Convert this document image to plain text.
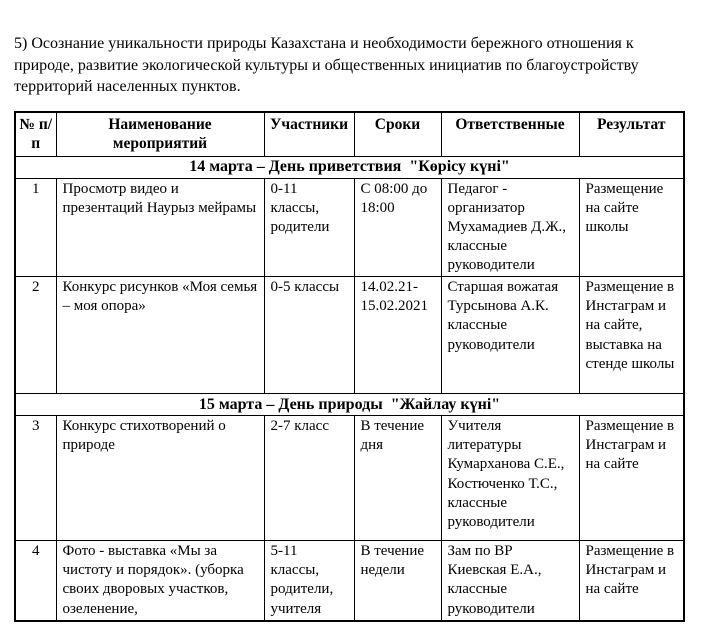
5) Осознание уникальности природы Казахстана и необходимости бережного отношения к природе, развитие экологической культуры и общественных инициатив по благоустройству территорий населенных пунктов.

№ п/п	Наименование мероприятий	Участники	Сроки	Ответственные	Результат
14 марта – День приветствия  "Көрісу күні"					
1	Просмотр видео и презентаций Наурыз мейрамы	0-11 классы, родители	С 08:00 до 18:00	Педагог - организатор Мухамадиев Д.Ж., классные руководители	Размещение на сайте школы
2	Конкурс рисунков «Моя семья – моя опора»	0-5 классы	14.02.21-15.02.2021	Старшая вожатая Турсынова А.К. классные руководители	Размещение в Инстаграм и на сайте, выставка на стенде школы
15 марта – День природы  "Жайлау күні"					
3	Конкурс стихотворений о природе	2-7 класс	В течение дня	Учителя литературы Кумарханова С.Е., Костюченко Т.С., классные руководители	Размещение в Инстаграм и на сайте
4	Фото - выставка «Мы за чистоту и порядок». (уборка своих дворовых участков, озеленение,	5-11 классы, родители, учителя	В течение недели	Зам по ВР Киевская Е.А., классные руководители	Размещение в Инстаграм и на сайте
